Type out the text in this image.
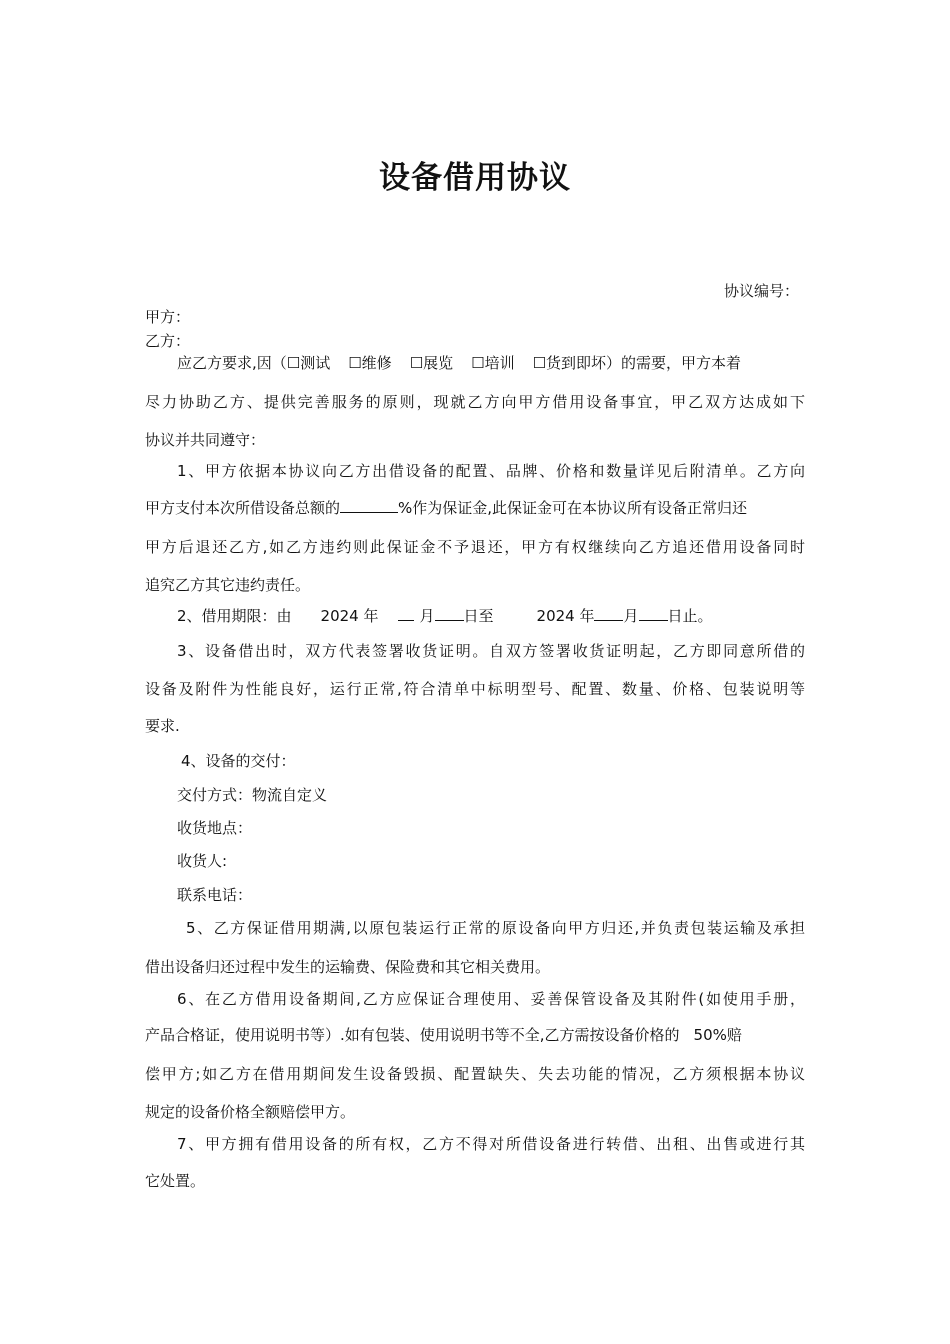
设备借用协议
协议编号：
甲方：
乙方：
应乙方要求,因（☐测试 ☐维修 ☐展览 ☐培训 ☐货到即坏）的需要，甲方本着
尽力协助乙方、提供完善服务的原则，现就乙方向甲方借用设备事宜，甲乙双方达成如下
协议并共同遵守：
1、甲方依据本协议向乙方出借设备的配置、品牌、价格和数量详见后附清单。乙方向
甲方支付本次所借设备总额的	%作为保证金,此保证金可在本协议所有设备正常归还
甲方后退还乙方,如乙方违约则此保证金不予退还，甲方有权继续向乙方追还借用设备同时
追究乙方其它违约责任。
2、借用期限：由 2024 年	月 日至	2024 年 月 日止。
3、设备借出时，双方代表签署收货证明。自双方签署收货证明起，乙方即同意所借的
设备及附件为性能良好，运行正常,符合清单中标明型号、配置、数量、价格、包装说明等
要求.
4、设备的交付：
交付方式：物流自定义
收货地点：
收货人:
联系电话：
5、乙方保证借用期满,以原包装运行正常的原设备向甲方归还,并负责包装运输及承担
借出设备归还过程中发生的运输费、保险费和其它相关费用。
6、在乙方借用设备期间,乙方应保证合理使用、妥善保管设备及其附件(如使用手册，
产品合格证，使用说明书等）.如有包装、使用说明书等不全,乙方需按设备价格的 50%赔
偿甲方;如乙方在借用期间发生设备毁损、配置缺失、失去功能的情况，乙方须根据本协议
规定的设备价格全额赔偿甲方。
7、甲方拥有借用设备的所有权，乙方不得对所借设备进行转借、出租、出售或进行其
它处置。
